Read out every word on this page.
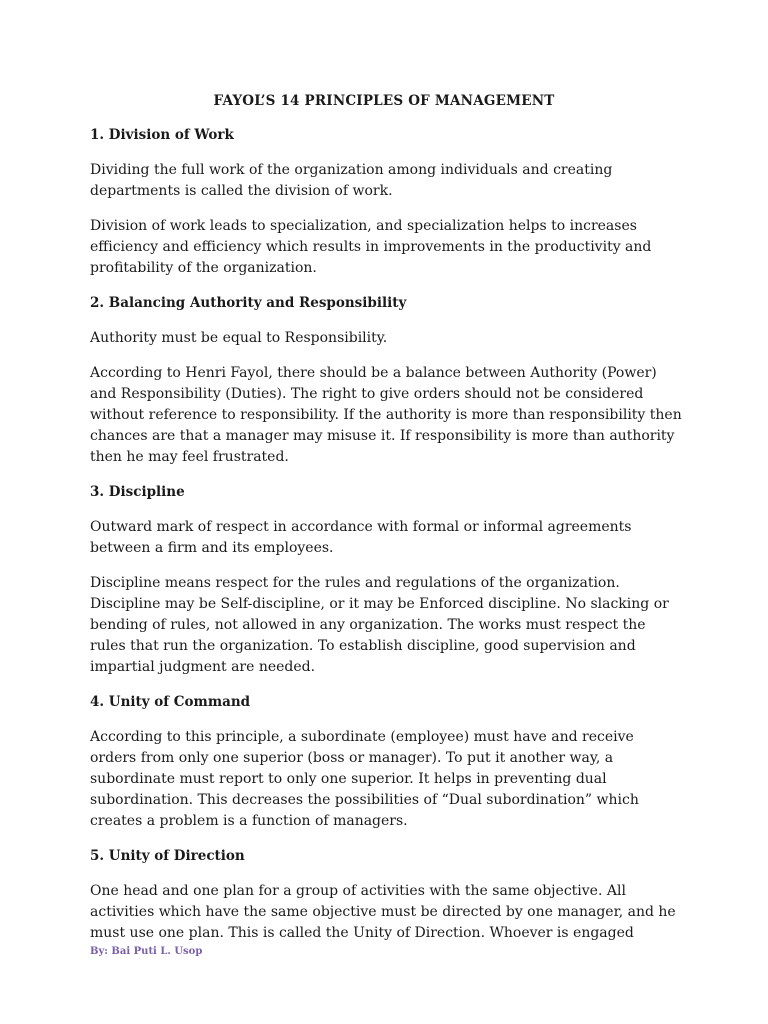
FAYOL’S 14 PRINCIPLES OF MANAGEMENT
1. Division of Work

Dividing the full work of the organization among individuals and creating departments is called the division of work.

Division of work leads to specialization, and specialization helps to increases efficiency and efficiency which results in improvements in the productivity and profitability of the organization.

2. Balancing Authority and Responsibility

Authority must be equal to Responsibility.

According to Henri Fayol, there should be a balance between Authority (Power) and Responsibility (Duties). The right to give orders should not be considered without reference to responsibility. If the authority is more than responsibility then chances are that a manager may misuse it. If responsibility is more than authority then he may feel frustrated.

3. Discipline

Outward mark of respect in accordance with formal or informal agreements between a firm and its employees.

Discipline means respect for the rules and regulations of the organization. Discipline may be Self-discipline, or it may be Enforced discipline. No slacking or bending of rules, not allowed in any organization. The works must respect the rules that run the organization. To establish discipline, good supervision and impartial judgment are needed.

4. Unity of Command

According to this principle, a subordinate (employee) must have and receive orders from only one superior (boss or manager). To put it another way, a subordinate must report to only one superior. It helps in preventing dual subordination. This decreases the possibilities of “Dual subordination” which creates a problem is a function of managers.

5. Unity of Direction

One head and one plan for a group of activities with the same objective. All activities which have the same objective must be directed by one manager, and he must use one plan. This is called the Unity of Direction. Whoever is engaged

By: Bai Puti L. Usop
